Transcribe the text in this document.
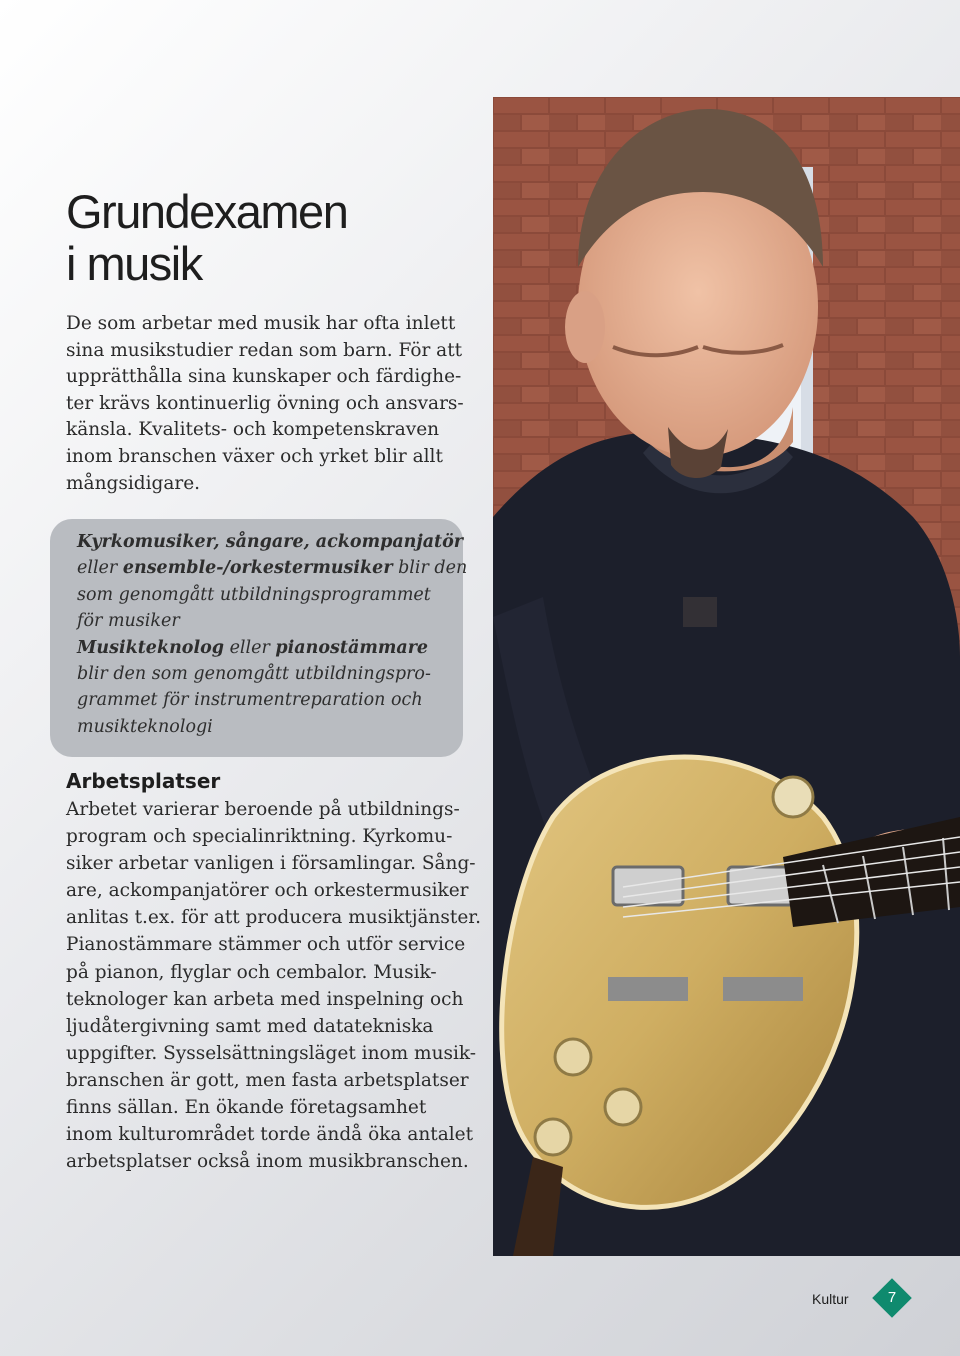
Grundexamen
i musik
De som arbetar med musik har ofta inlett
sina musikstudier redan som barn. För att
upprätthålla sina kunskaper och färdighe-
ter krävs kontinuerlig övning och ansvars-
känsla. Kvalitets- och kompetenskraven
inom branschen växer och yrket blir allt
mångsidigare.
Kyrkomusiker, sångare, ackompanjatör
eller ensemble-/orkestermusiker blir den
som genomgått utbildningsprogrammet
för musiker
Musikteknolog eller pianostämmare
blir den som genomgått utbildningspro-
grammet för instrumentreparation och
musikteknologi
Arbetsplatser
Arbetet varierar beroende på utbildnings-
program och specialinriktning. Kyrkomu-
siker arbetar vanligen i församlingar. Sång-
are, ackompanjatörer och orkestermusiker
anlitas t.ex. för att producera musiktjänster.
Pianostämmare stämmer och utför service
på pianon, flyglar och cembalor. Musik-
teknologer kan arbeta med inspelning och
ljudåtergivning samt med datatekniska
uppgifter. Sysselsättningsläget inom musik-
branschen är gott, men fasta arbetsplatser
finns sällan. En ökande företagsamhet
inom kulturområdet torde ändå öka antalet
arbetsplatser också inom musikbranschen.
Kultur	7
